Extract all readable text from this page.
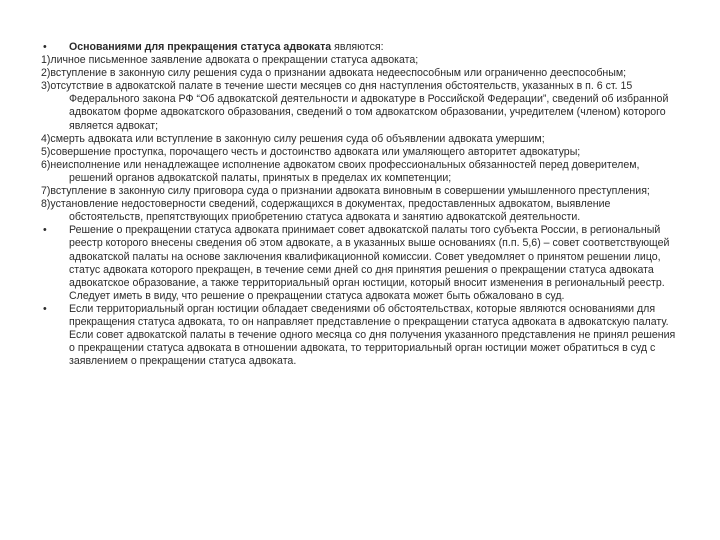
•	Основаниями для прекращения статуса адвоката являются:
1)личное письменное заявление адвоката о прекращении статуса адвоката;
2)вступление в законную силу решения суда о признании адвоката недееспособным или ограниченно дееспособным;
3)отсутствие в адвокатской палате в течение шести месяцев со дня наступления обстоятельств, указанных в п. 6 ст. 15 Федерального закона РФ “Об адвокатской деятельности и адвокатуре в Российской Федерации”, сведений об избранной адвокатом форме адвокатского образования, сведений о том адвокатском образовании, учредителем (членом) которого является адвокат;
4)смерть адвоката или вступление в законную силу решения суда об объявлении адвоката умершим;
5)совершение проступка, порочащего честь и достоинство адвоката или умаляющего авторитет адвокатуры;
6)неисполнение или ненадлежащее исполнение адвокатом своих профессиональных обязанностей перед доверителем, решений органов адвокатской палаты, принятых в пределах их компетенции;
7)вступление в законную силу приговора суда о признании адвоката виновным в совершении умышленного преступления;
8)установление недостоверности сведений, содержащихся в документах, предоставленных адвокатом, выявление обстоятельств, препятствующих приобретению статуса адвоката и занятию адвокатской деятельности.
•	Решение о прекращении статуса адвоката принимает совет адвокатской палаты того субъекта России, в региональный реестр которого внесены сведения об этом адвокате, а в указанных выше основаниях (п.п. 5,6) – совет соответствующей адвокатской палаты на основе заключения квалификационной комиссии. Совет уведомляет о принятом решении лицо, статус адвоката которого прекращен, в течение семи дней со дня принятия решения о прекращении статуса адвоката адвокатское образование, а также территориальный орган юстиции, который вносит изменения в региональный реестр. Следует иметь в виду, что решение о прекращении статуса адвоката может быть обжаловано в суд.
•	Если территориальный орган юстиции обладает сведениями об обстоятельствах, которые являются основаниями для прекращения статуса адвоката, то он направляет представление о прекращении статуса адвоката в адвокатскую палату. Если совет адвокатской палаты в течение одного месяца со дня получения указанного представления не принял решения о прекращении статуса адвоката в отношении адвоката, то территориальный орган юстиции может обратиться в суд с заявлением о прекращении статуса адвоката.
